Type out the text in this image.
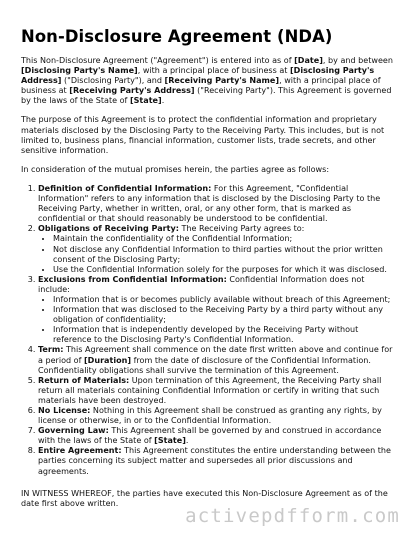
Non-Disclosure Agreement (NDA)

This Non-Disclosure Agreement ("Agreement") is entered into as of [Date], by and between [Disclosing Party's Name], with a principal place of business at [Disclosing Party's Address] ("Disclosing Party"), and [Receiving Party's Name], with a principal place of business at [Receiving Party's Address] ("Receiving Party"). This Agreement is governed by the laws of the State of [State].

The purpose of this Agreement is to protect the confidential information and proprietary materials disclosed by the Disclosing Party to the Receiving Party. This includes, but is not limited to, business plans, financial information, customer lists, trade secrets, and other sensitive information.

In consideration of the mutual promises herein, the parties agree as follows:

1. Definition of Confidential Information: For this Agreement, "Confidential Information" refers to any information that is disclosed by the Disclosing Party to the Receiving Party, whether in written, oral, or any other form, that is marked as confidential or that should reasonably be understood to be confidential.
2. Obligations of Receiving Party: The Receiving Party agrees to:
• Maintain the confidentiality of the Confidential Information;
• Not disclose any Confidential Information to third parties without the prior written consent of the Disclosing Party;
• Use the Confidential Information solely for the purposes for which it was disclosed.
3. Exclusions from Confidential Information: Confidential Information does not include:
• Information that is or becomes publicly available without breach of this Agreement;
• Information that was disclosed to the Receiving Party by a third party without any obligation of confidentiality;
• Information that is independently developed by the Receiving Party without reference to the Disclosing Party's Confidential Information.
4. Term: This Agreement shall commence on the date first written above and continue for a period of [Duration] from the date of disclosure of the Confidential Information. Confidentiality obligations shall survive the termination of this Agreement.
5. Return of Materials: Upon termination of this Agreement, the Receiving Party shall return all materials containing Confidential Information or certify in writing that such materials have been destroyed.
6. No License: Nothing in this Agreement shall be construed as granting any rights, by license or otherwise, in or to the Confidential Information.
7. Governing Law: This Agreement shall be governed by and construed in accordance with the laws of the State of [State].
8. Entire Agreement: This Agreement constitutes the entire understanding between the parties concerning its subject matter and supersedes all prior discussions and agreements.

IN WITNESS WHEREOF, the parties have executed this Non-Disclosure Agreement as of the date first above written.

activepdfform.com
